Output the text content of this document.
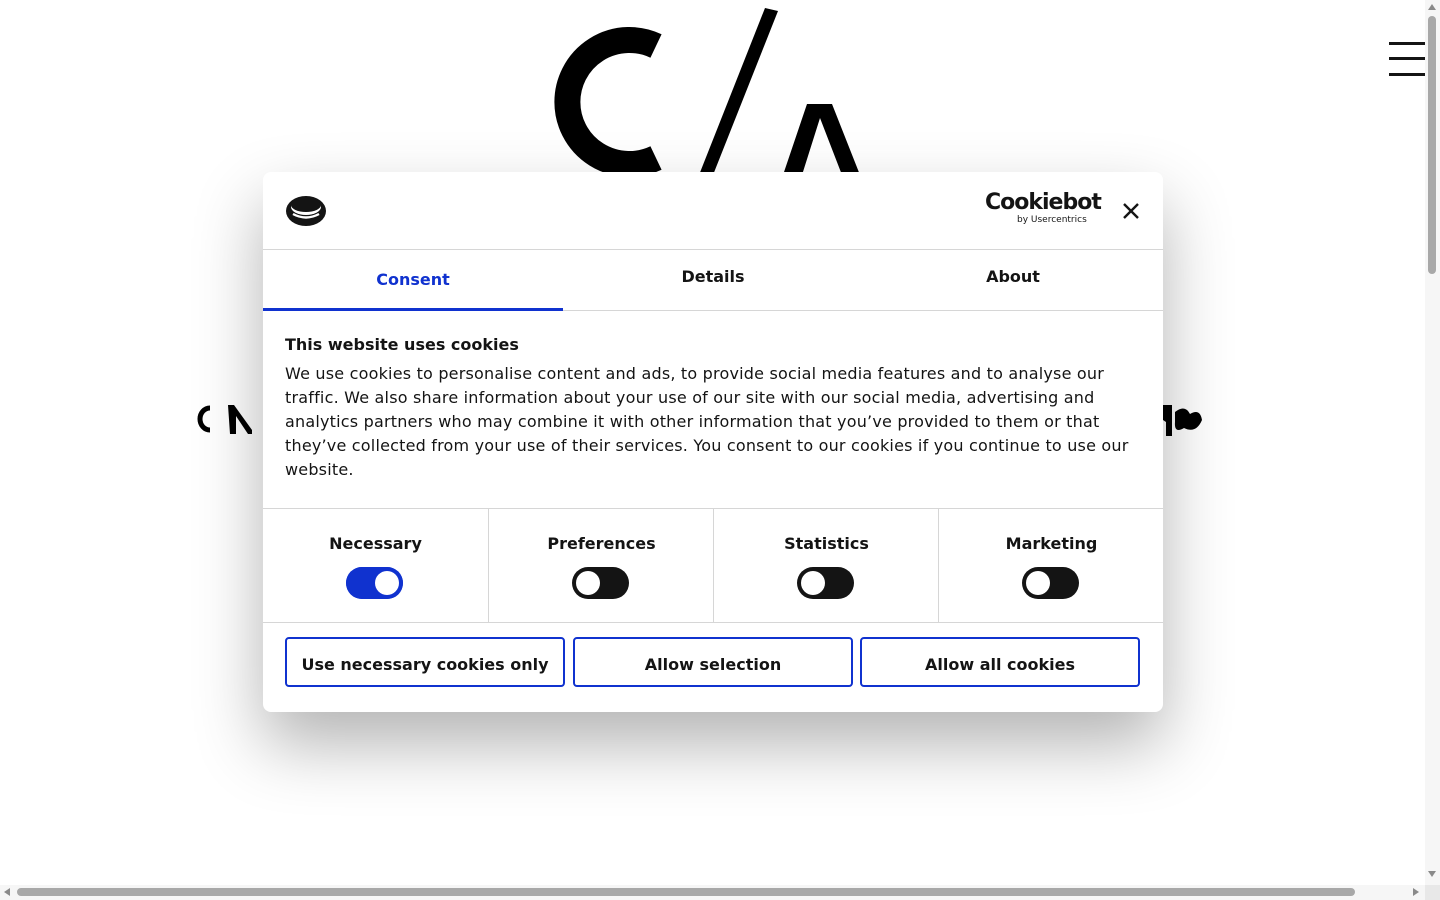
Cookiebot
by Usercentrics
Consent	Details	About
This website uses cookies

We use cookies to personalise content and ads, to provide social media features and to analyse our traffic. We also share information about your use of our site with our social media, advertising and analytics partners who may combine it with other information that you’ve provided to them or that they’ve collected from your use of their services. You consent to our cookies if you continue to use our website.

Necessary	Preferences	Statistics	Marketing
Use necessary cookies only	Allow selection	Allow all cookies
